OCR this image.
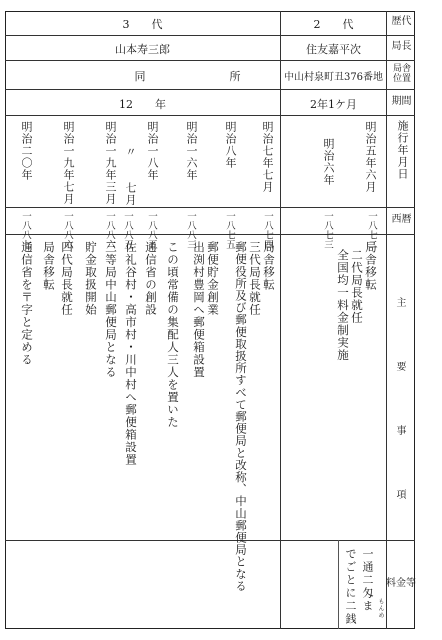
歴代
局長
局舎位置
期間
施行年月日
西暦
主
要
事
項
料金等
3　　代
山本寿三郎
同	所
12　　年
2　　代
住友嘉平次
中山村泉町丑376番地
2年1ケ月
明治五年六月
一八七二
局舎移転
二代局長就任
全国均一料金制実施
明治六年
一八七三
一通二匁ま もんめ
でごとに二銭
明治七年七月
一八七四
局舎移転
三代局長就任
郵便役所及び郵便取扱所すべて郵便局と改称、中山郵便局となる
明治八年
一八七五
郵便貯金創業
出渕村豊岡へ郵便箱設置
明治一六年
一八八三
この頃常備の集配人三人を置いた
明治一八年
一八八五
通信省の創設
〃　　七月
一八八五
佐礼谷村・高市村・川中村へ郵便箱設置
明治一九年三月
一八八六
三等局中山郵便局となる
貯金取扱開始
明治一九年七月
一八八六
四代局長就任
局舎移転
明治二〇年
一八八七
通信省を〒字と定める
